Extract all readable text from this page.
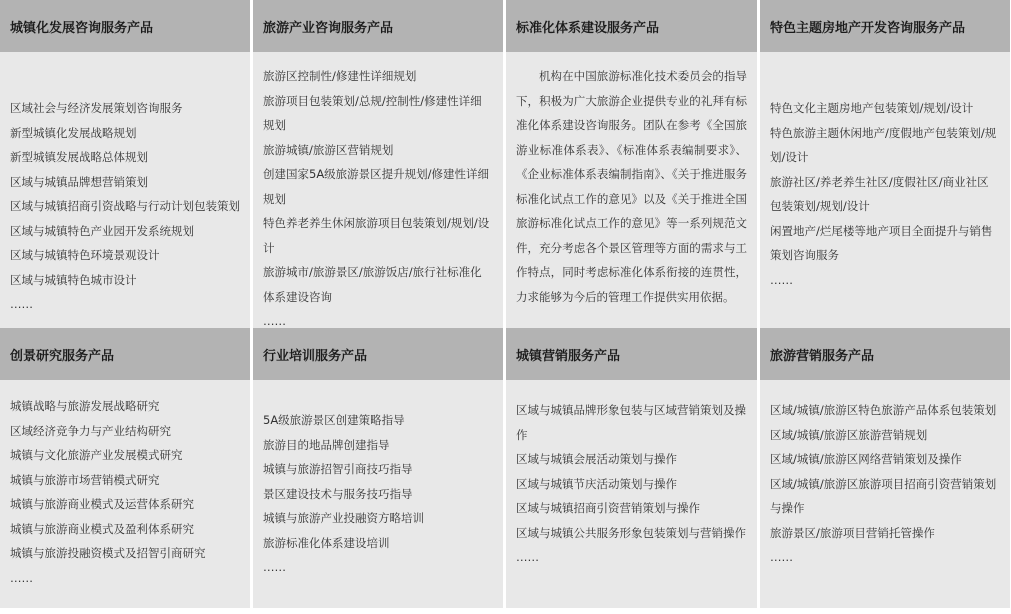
城镇化发展咨询服务产品	旅游产业咨询服务产品	标准化体系建设服务产品	特色主题房地产开发咨询服务产品
区域社会与经济发展策划咨询服务
新型城镇化发展战略规划
新型城镇发展战略总体规划
区域与城镇品牌想营销策划
区域与城镇招商引资战略与行动计划包装策划
区域与城镇特色产业园开发系统规划
区域与城镇特色环境景观设计
区域与城镇特色城市设计
……
旅游区控制性/修建性详细规划
旅游项目包装策划/总规/控制性/修建性详细规划
旅游城镇/旅游区营销规划
创建国家5A级旅游景区提升规划/修建性详细规划
特色养老养生休闲旅游项目包装策划/规划/设计
旅游城市/旅游景区/旅游饭店/旅行社标准化体系建设咨询
……

机构在中国旅游标准化技术委员会的指导下，积极为广大旅游企业提供专业的礼拜有标准化体系建设咨询服务。团队在参考《全国旅游业标准体系表》、《标准体系表编制要求》、《企业标准体系表编制指南》、《关于推进服务标准化试点工作的意见》以及《关于推进全国旅游标准化试点工作的意见》等一系列规范文件，充分考虑各个景区管理等方面的需求与工作特点，同时考虑标准化体系衔接的连贯性，力求能够为今后的管理工作提供实用依据。

特色文化主题房地产包装策划/规划/设计
特色旅游主题休闲地产/度假地产包装策划/规划/设计
旅游社区/养老养生社区/度假社区/商业社区包装策划/规划/设计
闲置地产/烂尾楼等地产项目全面提升与销售策划咨询服务
……
创景研究服务产品	行业培训服务产品	城镇营销服务产品	旅游营销服务产品
城镇战略与旅游发展战略研究
区域经济竞争力与产业结构研究
城镇与文化旅游产业发展模式研究
城镇与旅游市场营销模式研究
城镇与旅游商业模式及运营体系研究
城镇与旅游商业模式及盈利体系研究
城镇与旅游投融资模式及招智引商研究
……
5A级旅游景区创建策略指导
旅游目的地品牌创建指导
城镇与旅游招智引商技巧指导
景区建设技术与服务技巧指导
城镇与旅游产业投融资方略培训
旅游标准化体系建设培训
……
区域与城镇品牌形象包装与区域营销策划及操作
区域与城镇会展活动策划与操作
区域与城镇节庆活动策划与操作
区域与城镇招商引资营销策划与操作
区域与城镇公共服务形象包装策划与营销操作
……
区域/城镇/旅游区特色旅游产品体系包装策划
区域/城镇/旅游区旅游营销规划
区域/城镇/旅游区网络营销策划及操作
区域/城镇/旅游区旅游项目招商引资营销策划与操作
旅游景区/旅游项目营销托管操作
……
